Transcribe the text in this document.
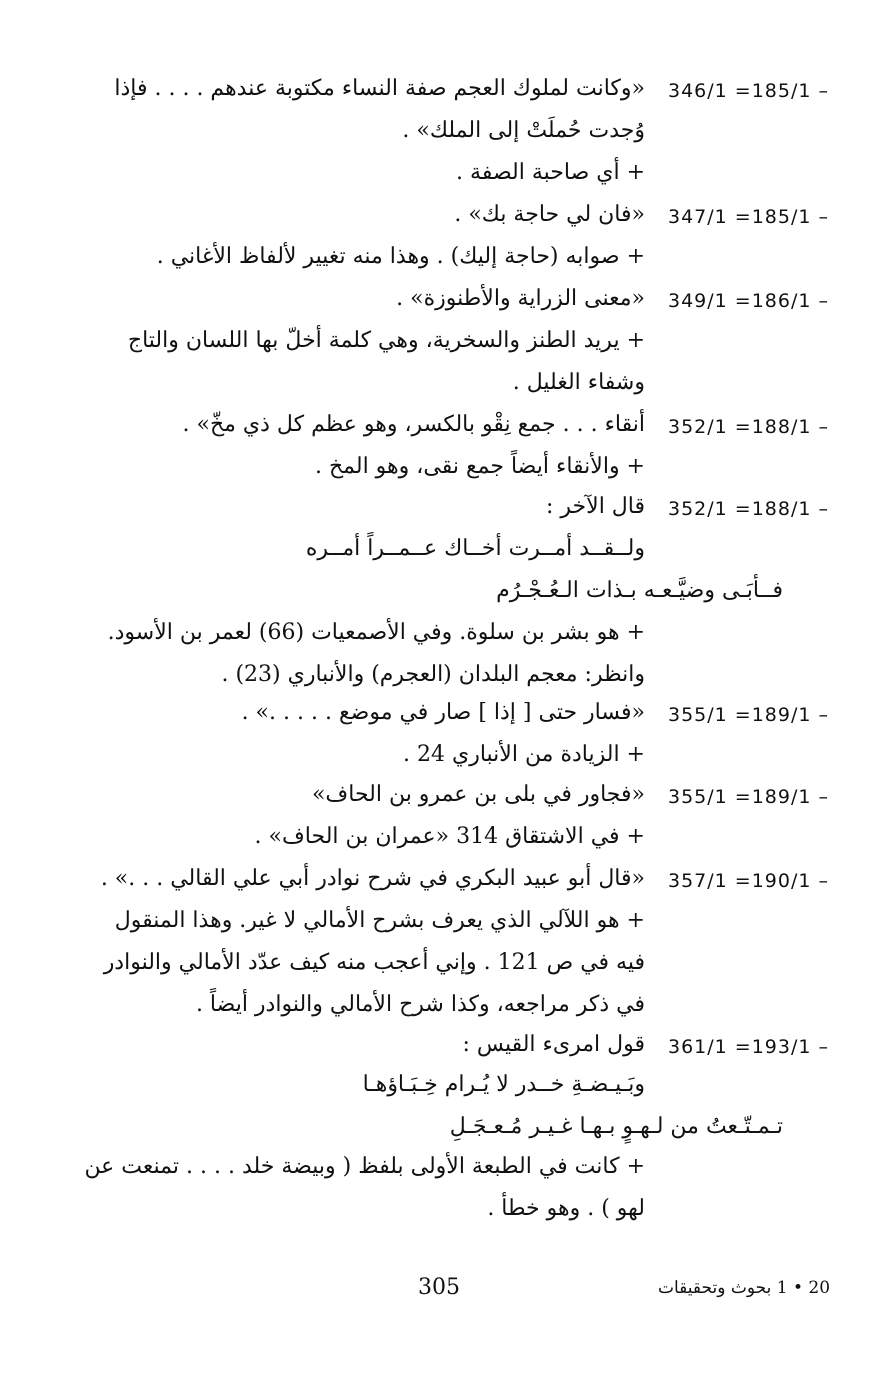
346/1 =185/1 –
«وكانت لملوك العجم صفة النساء مكتوبة عندهم . . . . فإذا
وُجدت حُملَتْ إلى الملك» .
+ أي صاحبة الصفة .
347/1 =185/1 –
«فان لي حاجة بك» .
+ صوابه (حاجة إليك) . وهذا منه تغيير لألفاظ الأغاني .
349/1 =186/1 –
«معنى الزراية والأطنوزة» .
+ يريد الطنز والسخرية، وهي كلمة أخلّ بها اللسان والتاج
وشفاء الغليل .
352/1 =188/1 –
أنقاء . . . جمع نِقْو بالكسر، وهو عظم كل ذي مخّ» .
+ والأنقاء أيضاً جمع نقى، وهو المخ .
352/1 =188/1 –
قال الآخر :
ولــقــد أمــرت أخــاك عــمــراً أمــره
فــأبَـى وضيَّـعـه بـذات الـعُـجْـرُم
+ هو بشر بن سلوة. وفي الأصمعيات (66) لعمر بن الأسود.
وانظر: معجم البلدان (العجرم) والأنباري (23) .
355/1 =189/1 –
«فسار حتى [ إذا ] صار في موضع . . . . .» .
+ الزيادة من الأنباري 24 .
355/1 =189/1 –
«فجاور في بلى بن عمرو بن الحاف»
+ في الاشتقاق 314 «عمران بن الحاف» .
357/1 =190/1 –
«قال أبو عبيد البكري في شرح نوادر أبي علي القالي . . .» .
+ هو اللآلي الذي يعرف بشرح الأمالي لا غير. وهذا المنقول
فيه في ص 121 . وإني أعجب منه كيف عدّد الأمالي والنوادر
في ذكر مراجعه، وكذا شرح الأمالي والنوادر أيضاً .
361/1 =193/1 –
قول امرىء القيس :
وبَـيـضـةِ خــدر لا يُـرام خِـبَـاؤهـا
تـمـتّـعتُ من لـهـوٍ بـهـا غـيـر مُـعـجَـلِ
+ كانت في الطبعة الأولى بلفظ ( وبيضة خلد . . . . تمنعت عن
لهو ) . وهو خطأ .
305	20 • 1 بحوث وتحقيقات
